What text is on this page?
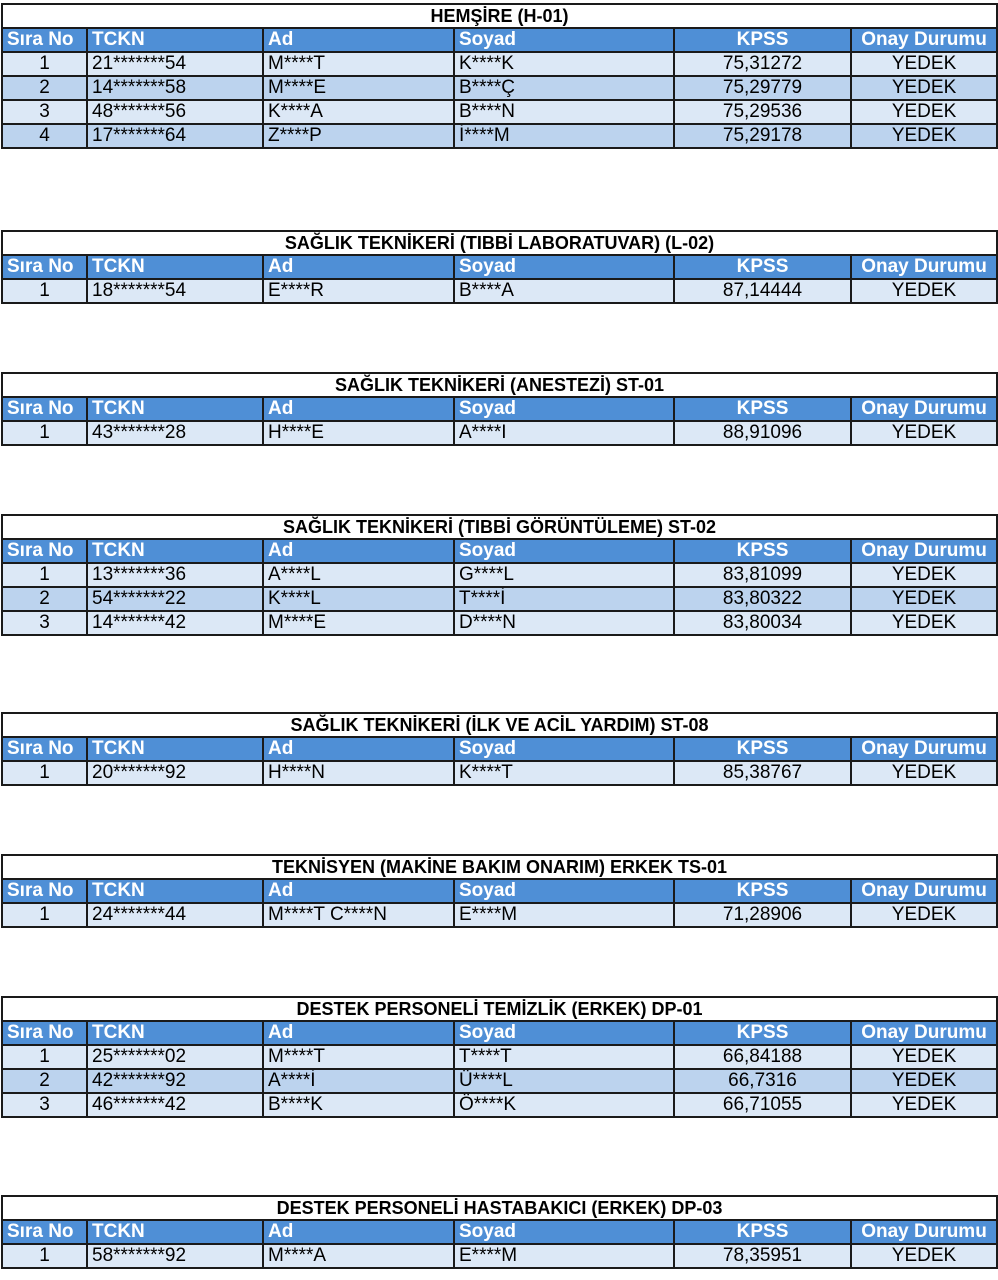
HEMŞİRE (H-01)					
Sıra No	TCKN	Ad	Soyad	KPSS	Onay Durumu
1	21*******54	M****T	K****K	75,31272	YEDEK
2	14*******58	M****E	B****Ç	75,29779	YEDEK
3	48*******56	K****A	B****N	75,29536	YEDEK
4	17*******64	Z****P	İ****M	75,29178	YEDEK
SAĞLIK TEKNİKERİ (TIBBİ LABORATUVAR) (L-02)					
Sıra No	TCKN	Ad	Soyad	KPSS	Onay Durumu
1	18*******54	E****R	B****A	87,14444	YEDEK
SAĞLIK TEKNİKERİ (ANESTEZİ) ST-01					
Sıra No	TCKN	Ad	Soyad	KPSS	Onay Durumu
1	43*******28	H****E	A****I	88,91096	YEDEK
SAĞLIK TEKNİKERİ (TIBBİ GÖRÜNTÜLEME) ST-02					
Sıra No	TCKN	Ad	Soyad	KPSS	Onay Durumu
1	13*******36	A****L	G****L	83,81099	YEDEK
2	54*******22	K****L	T****İ	83,80322	YEDEK
3	14*******42	M****E	D****N	83,80034	YEDEK
SAĞLIK TEKNİKERİ (İLK VE ACİL YARDIM) ST-08					
Sıra No	TCKN	Ad	Soyad	KPSS	Onay Durumu
1	20*******92	H****N	K****T	85,38767	YEDEK
TEKNİSYEN (MAKİNE BAKIM ONARIM) ERKEK TS-01					
Sıra No	TCKN	Ad	Soyad	KPSS	Onay Durumu
1	24*******44	M****T C****N	E****M	71,28906	YEDEK
DESTEK PERSONELİ TEMİZLİK (ERKEK) DP-01					
Sıra No	TCKN	Ad	Soyad	KPSS	Onay Durumu
1	25*******02	M****T	T****T	66,84188	YEDEK
2	42*******92	A****İ	Ü****L	66,7316	YEDEK
3	46*******42	B****K	Ö****K	66,71055	YEDEK
DESTEK PERSONELİ HASTABAKICI (ERKEK) DP-03					
Sıra No	TCKN	Ad	Soyad	KPSS	Onay Durumu
1	58*******92	M****A	E****M	78,35951	YEDEK
